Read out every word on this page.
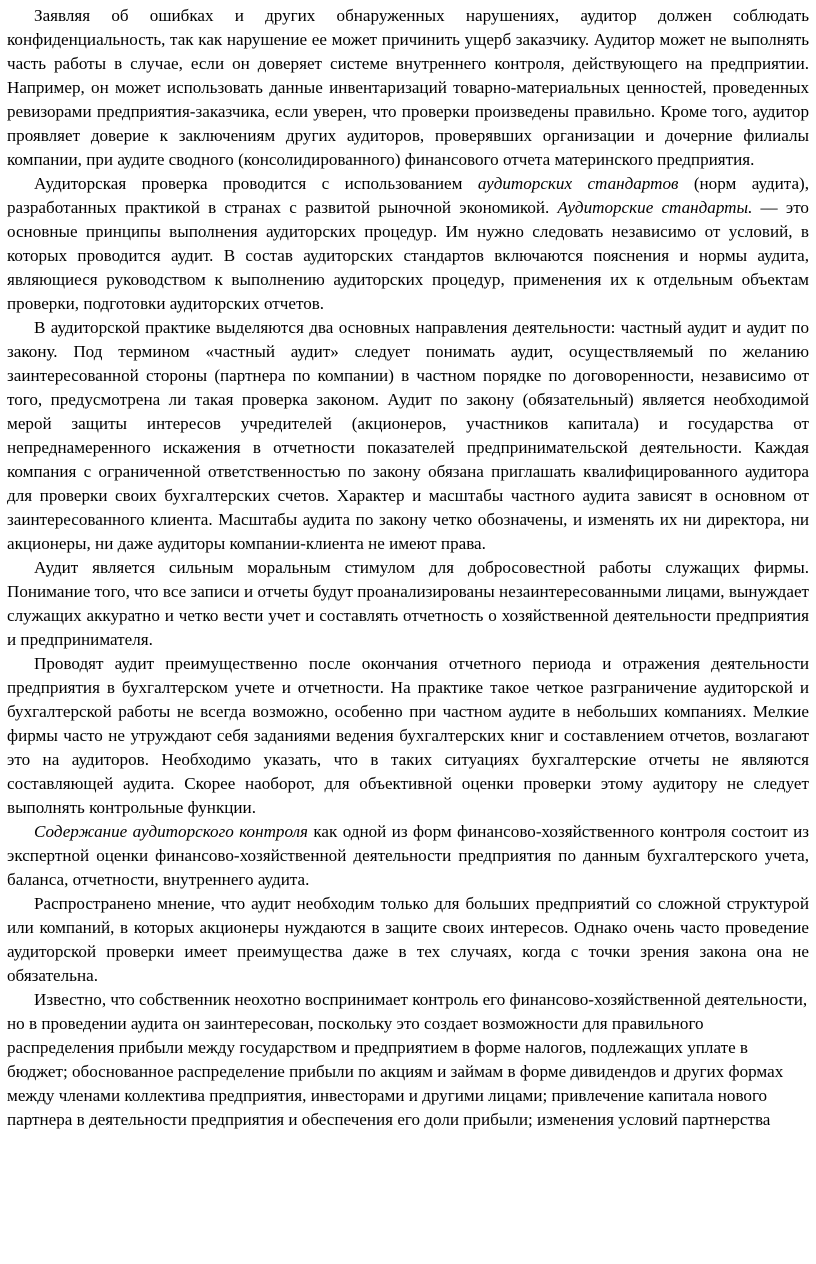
Заявляя об ошибках и других обнаруженных нарушениях, аудитор должен соблюдать конфиденциальность, так как нарушение ее может причинить ущерб заказчику. Аудитор может не выполнять часть работы в случае, если он доверяет системе внутреннего контроля, действующего на предприятии. Например, он может использовать данные инвентаризаций товарно-материальных ценностей, проведенных ревизорами предприятия-заказчика, если уверен, что проверки произведены правильно. Кроме того, аудитор проявляет доверие к заключениям других аудиторов, проверявших организации и дочерние филиалы компании, при аудите сводного (консолидированного) финансового отчета материнского предприятия.

Аудиторская проверка проводится с использованием аудиторских стандартов (норм аудита), разработанных практикой в странах с развитой рыночной экономикой. Аудиторские стандарты. — это основные принципы выполнения аудиторских процедур. Им нужно следовать независимо от условий, в которых проводится аудит. В состав аудиторских стандартов включаются пояснения и нормы аудита, являющиеся руководством к выполнению аудиторских процедур, применения их к отдельным объектам проверки, подготовки аудиторских отчетов.

В аудиторской практике выделяются два основных направления деятельности: частный аудит и аудит по закону. Под термином «частный аудит» следует понимать аудит, осуществляемый по желанию заинтересованной стороны (партнера по компании) в частном порядке по договоренности, независимо от того, предусмотрена ли такая проверка законом. Аудит по закону (обязательный) является необходимой мерой защиты интересов учредителей (акционеров, участников капитала) и государства от непреднамеренного искажения в отчетности показателей предпринимательской деятельности. Каждая компания с ограниченной ответственностью по закону обязана приглашать квалифицированного аудитора для проверки своих бухгалтерских счетов. Характер и масштабы частного аудита зависят в основном от заинтересованного клиента. Масштабы аудита по закону четко обозначены, и изменять их ни директора, ни акционеры, ни даже аудиторы компании-клиента не имеют права.

Аудит является сильным моральным стимулом для добросовестной работы служащих фирмы. Понимание того, что все записи и отчеты будут проанализированы незаинтересованными лицами, вынуждает служащих аккуратно и четко вести учет и составлять отчетность о хозяйственной деятельности предприятия и предпринимателя.

Проводят аудит преимущественно после окончания отчетного периода и отражения деятельности предприятия в бухгалтерском учете и отчетности. На практике такое четкое разграничение аудиторской и бухгалтерской работы не всегда возможно, особенно при частном аудите в небольших компаниях. Мелкие фирмы часто не утруждают себя заданиями ведения бухгалтерских книг и составлением отчетов, возлагают это на аудиторов. Необходимо указать, что в таких ситуациях бухгалтерские отчеты не являются составляющей аудита. Скорее наоборот, для объективной оценки проверки этому аудитору не следует выполнять контрольные функции.

Содержание аудиторского контроля как одной из форм финансово-хозяйственного контроля состоит из экспертной оценки финансово-хозяйственной деятельности предприятия по данным бухгалтерского учета, баланса, отчетности, внутреннего аудита.

Распространено мнение, что аудит необходим только для больших предприятий со сложной структурой или компаний, в которых акционеры нуждаются в защите своих интересов. Однако очень часто проведение аудиторской проверки имеет преимущества даже в тех случаях, когда с точки зрения закона она не обязательна.

Известно, что собственник неохотно воспринимает контроль его финансово-хозяйственной деятельности, но в проведении аудита он заинтересован, поскольку это создает возможности для правильного распределения прибыли между государством и предприятием в форме налогов, подлежащих уплате в бюджет; обоснованное распределение прибыли по акциям и займам в форме дивидендов и других формах между членами коллектива предприятия, инвесторами и другими лицами; привлечение капитала нового партнера в деятельности предприятия и обеспечения его доли прибыли; изменения условий партнерства
